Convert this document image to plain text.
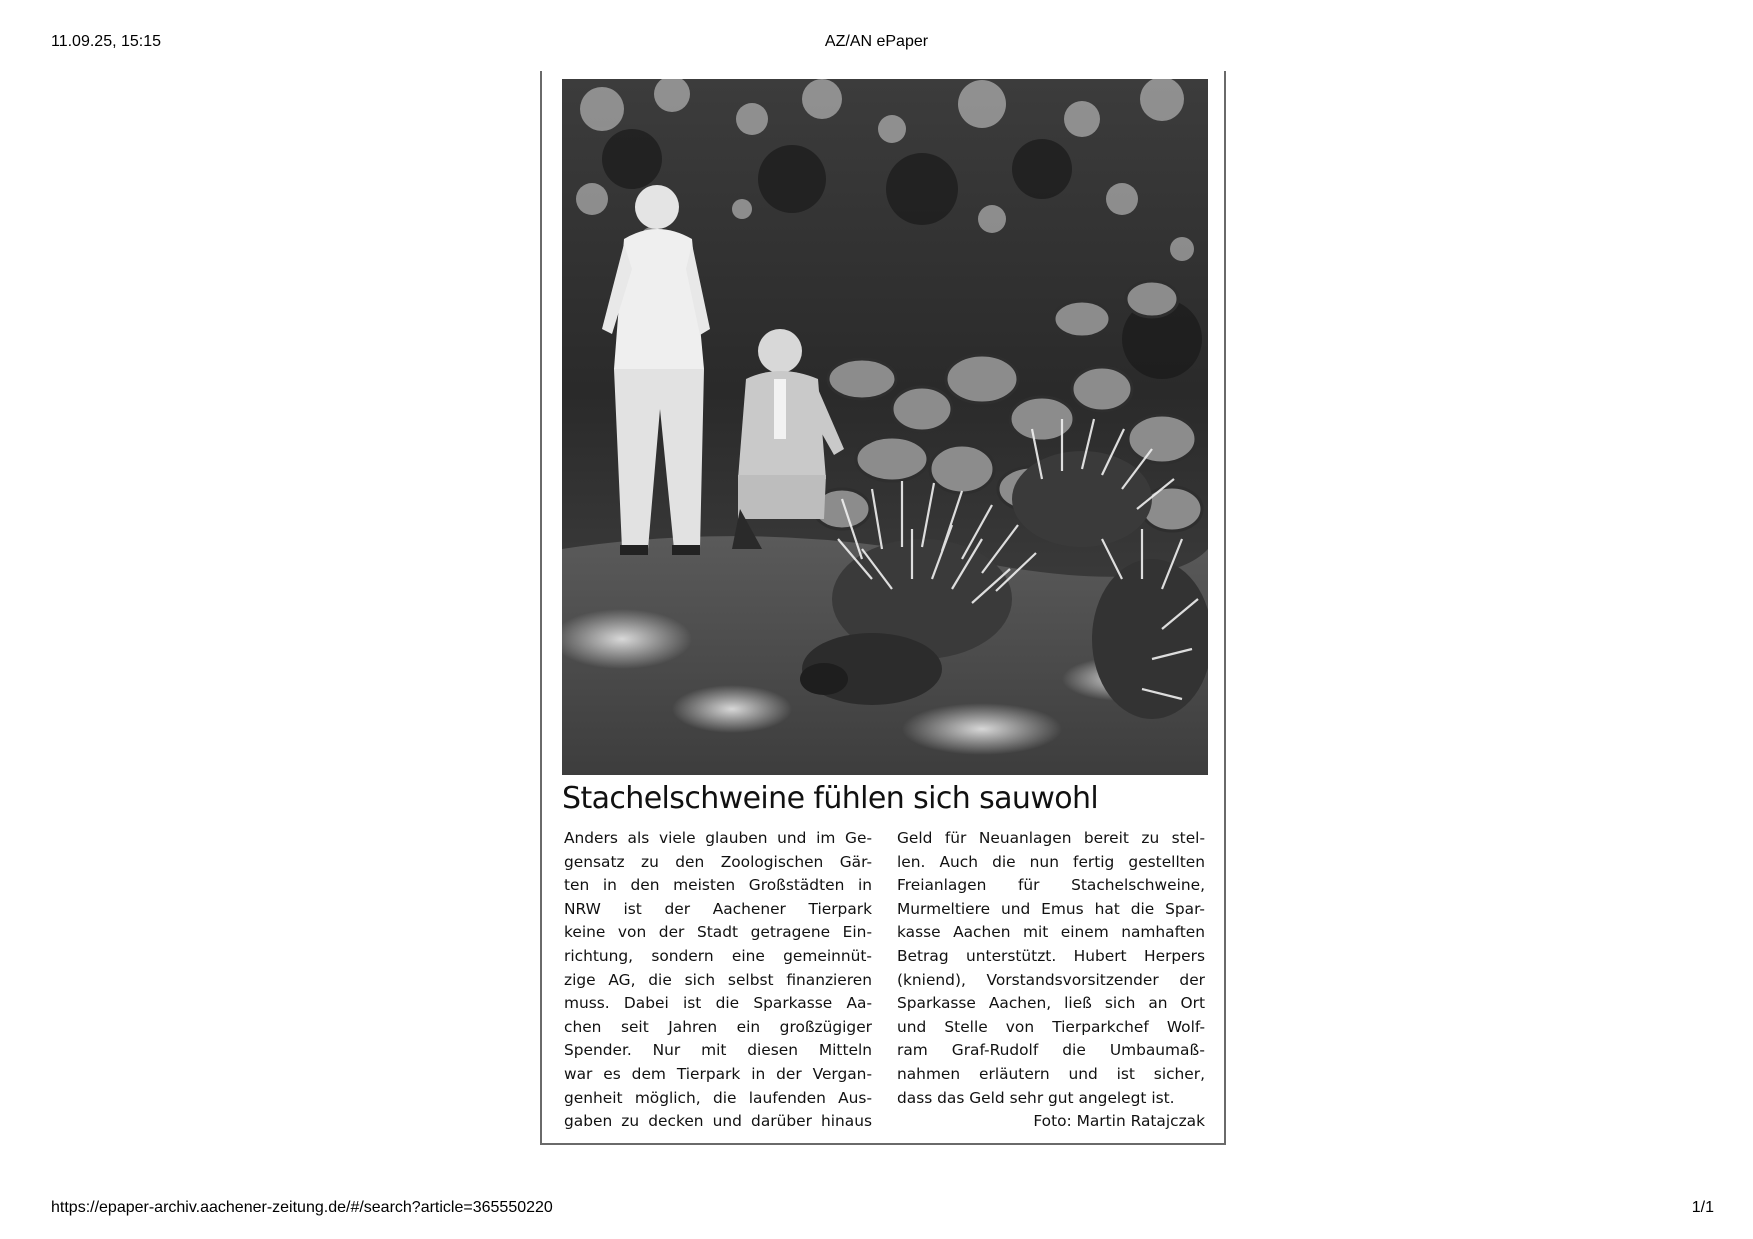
11.09.25, 15:15	AZ/AN ePaper
Stachelschweine fühlen sich sauwohl
Anders als viele glauben und im Ge-
gensatz zu den Zoologischen Gär-
ten in den meisten Großstädten in
NRW ist der Aachener Tierpark
keine von der Stadt getragene Ein-
richtung, sondern eine gemeinnüt-
zige AG, die sich selbst finanzieren
muss. Dabei ist die Sparkasse Aa-
chen seit Jahren ein großzügiger
Spender. Nur mit diesen Mitteln
war es dem Tierpark in der Vergan-
genheit möglich, die laufenden Aus-
gaben zu decken und darüber hinaus
Geld für Neuanlagen bereit zu stel-
len. Auch die nun fertig gestellten
Freianlagen für Stachelschweine,
Murmeltiere und Emus hat die Spar-
kasse Aachen mit einem namhaften
Betrag unterstützt. Hubert Herpers
(kniend), Vorstandsvorsitzender der
Sparkasse Aachen, ließ sich an Ort
und Stelle von Tierparkchef Wolf-
ram Graf-Rudolf die Umbaumaß-
nahmen erläutern und ist sicher,
dass das Geld sehr gut angelegt ist.
Foto: Martin Ratajczak
https://epaper-archiv.aachener-zeitung.de/#/search?article=365550220	1/1
